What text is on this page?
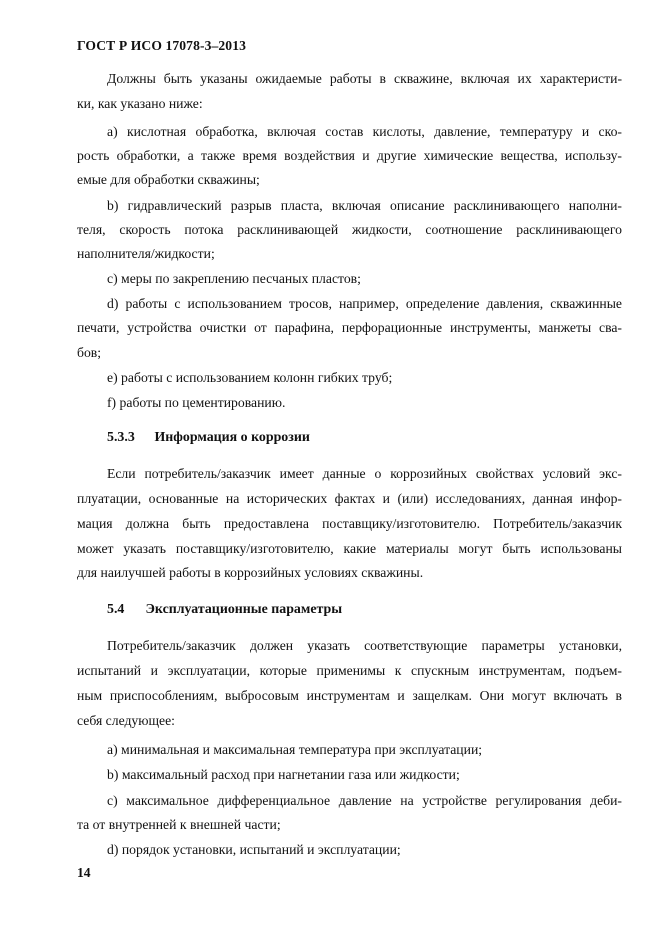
ГОСТ Р ИСО 17078-3–2013
Должны быть указаны ожидаемые работы в скважине, включая их характеристи-
ки, как указано ниже:
а) кислотная обработка, включая состав кислоты, давление, температуру и ско-
рость обработки, а также время воздействия и другие химические вещества, использу-
емые для обработки скважины;
b) гидравлический разрыв пласта, включая описание расклинивающего наполни-
теля, скорость потока расклинивающей жидкости, соотношение расклинивающего
наполнителя/жидкости;
с) меры по закреплению песчаных пластов;
d) работы с использованием тросов, например, определение давления, скважинные
печати, устройства очистки от парафина, перфорационные инструменты, манжеты сва-
бов;
е) работы с использованием колонн гибких труб;
f) работы по цементированию.
5.3.3 Информация о коррозии
Если потребитель/заказчик имеет данные о коррозийных свойствах условий экс-
плуатации, основанные на исторических фактах и (или) исследованиях, данная инфор-
мация должна быть предоставлена поставщику/изготовителю. Потребитель/заказчик
может указать поставщику/изготовителю, какие материалы могут быть использованы
для наилучшей работы в коррозийных условиях скважины.
5.4 Эксплуатационные параметры
Потребитель/заказчик должен указать соответствующие параметры установки,
испытаний и эксплуатации, которые применимы к спускным инструментам, подъем-
ным приспособлениям, выбросовым инструментам и защелкам. Они могут включать в
себя следующее:
а) минимальная и максимальная температура при эксплуатации;
b) максимальный расход при нагнетании газа или жидкости;
с) максимальное дифференциальное давление на устройстве регулирования деби-
та от внутренней к внешней части;
d) порядок установки, испытаний и эксплуатации;
14
